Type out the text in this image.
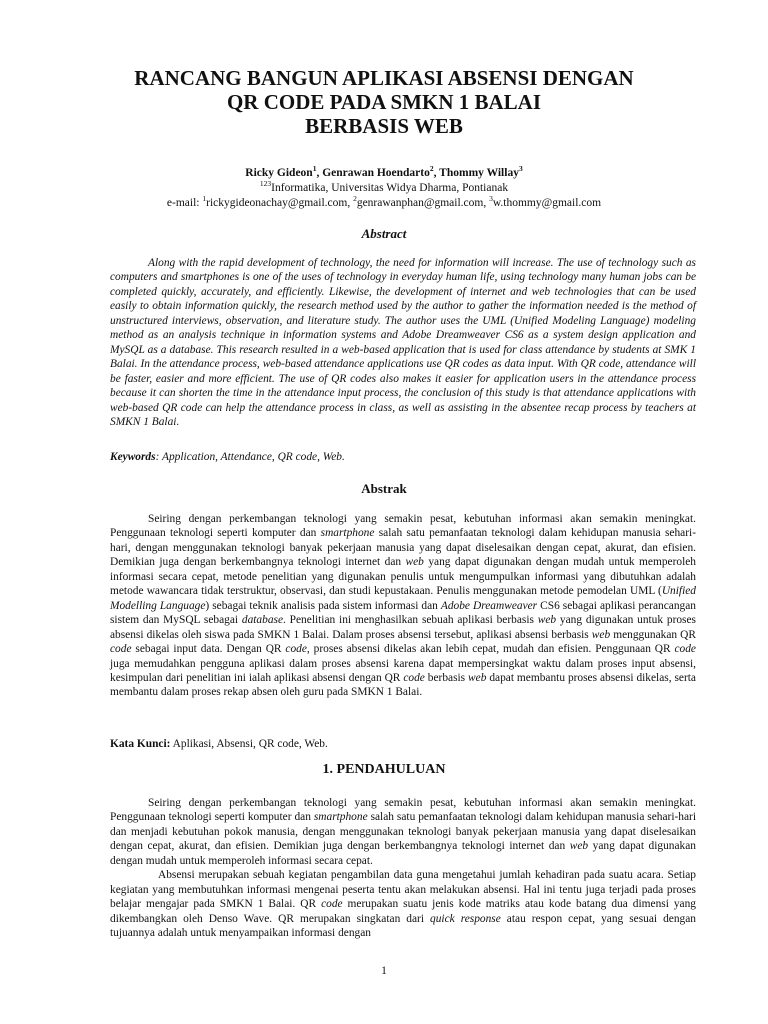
RANCANG BANGUN APLIKASI ABSENSI DENGAN
QR CODE PADA SMKN 1 BALAI
BERBASIS WEB
Ricky Gideon$^1$, Genrawan Hoendarto$^2$, Thommy Willay$^3$
$^{123}$Informatika, Universitas Widya Dharma, Pontianak
e-mail: $^1$rickygideonachay@gmail.com, $^2$genrawanphan@gmail.com, $^3$w.thommy@gmail.com
Abstract

Along with the rapid development of technology, the need for information will increase. The use of technology such as computers and smartphones is one of the uses of technology in everyday human life, using technology many human jobs can be completed quickly, accurately, and efficiently. Likewise, the development of internet and web technologies that can be used easily to obtain information quickly, the research method used by the author to gather the information needed is the method of unstructured interviews, observation, and literature study. The author uses the UML (Unified Modeling Language) modeling method as an analysis technique in information systems and Adobe Dreamweaver CS6 as a system design application and MySQL as a database. This research resulted in a web-based application that is used for class attendance by students at SMK 1 Balai. In the attendance process, web-based attendance applications use QR codes as data input. With QR code, attendance will be faster, easier and more efficient. The use of QR codes also makes it easier for application users in the attendance process because it can shorten the time in the attendance input process, the conclusion of this study is that attendance applications with web-based QR code can help the attendance process in class, as well as assisting in the absentee recap process by teachers at SMKN 1 Balai.

Keywords: Application, Attendance, QR code, Web.
Abstrak

Seiring dengan perkembangan teknologi yang semakin pesat, kebutuhan informasi akan semakin meningkat. Penggunaan teknologi seperti komputer dan smartphone salah satu pemanfaatan teknologi dalam kehidupan manusia sehari-hari, dengan menggunakan teknologi banyak pekerjaan manusia yang dapat diselesaikan dengan cepat, akurat, dan efisien. Demikian juga dengan berkembangnya teknologi internet dan web yang dapat digunakan dengan mudah untuk memperoleh informasi secara cepat, metode penelitian yang digunakan penulis untuk mengumpulkan informasi yang dibutuhkan adalah metode wawancara tidak terstruktur, observasi, dan studi kepustakaan. Penulis menggunakan metode pemodelan UML (Unified Modelling Language) sebagai teknik analisis pada sistem informasi dan Adobe Dreamweaver CS6 sebagai aplikasi perancangan sistem dan MySQL sebagai database. Penelitian ini menghasilkan sebuah aplikasi berbasis web yang digunakan untuk proses absensi dikelas oleh siswa pada SMKN 1 Balai. Dalam proses absensi tersebut, aplikasi absensi berbasis web menggunakan QR code sebagai input data. Dengan QR code, proses absensi dikelas akan lebih cepat, mudah dan efisien. Penggunaan QR code juga memudahkan pengguna aplikasi dalam proses absensi karena dapat mempersingkat waktu dalam proses input absensi, kesimpulan dari penelitian ini ialah aplikasi absensi dengan QR code berbasis web dapat membantu proses absensi dikelas, serta membantu dalam proses rekap absen oleh guru pada SMKN 1 Balai.

Kata Kunci: Aplikasi, Absensi, QR code, Web.
1. PENDAHULUAN

Seiring dengan perkembangan teknologi yang semakin pesat, kebutuhan informasi akan semakin meningkat. Penggunaan teknologi seperti komputer dan smartphone salah satu pemanfaatan teknologi dalam kehidupan manusia sehari-hari dan menjadi kebutuhan pokok manusia, dengan menggunakan teknologi banyak pekerjaan manusia yang dapat diselesaikan dengan cepat, akurat, dan efisien. Demikian juga dengan berkembangnya teknologi internet dan web yang dapat digunakan dengan mudah untuk memperoleh informasi secara cepat.

Absensi merupakan sebuah kegiatan pengambilan data guna mengetahui jumlah kehadiran pada suatu acara. Setiap kegiatan yang membutuhkan informasi mengenai peserta tentu akan melakukan absensi. Hal ini tentu juga terjadi pada proses belajar mengajar pada SMKN 1 Balai. QR code merupakan suatu jenis kode matriks atau kode batang dua dimensi yang dikembangkan oleh Denso Wave. QR merupakan singkatan dari quick response atau respon cepat, yang sesuai dengan tujuannya adalah untuk menyampaikan informasi dengan

1
